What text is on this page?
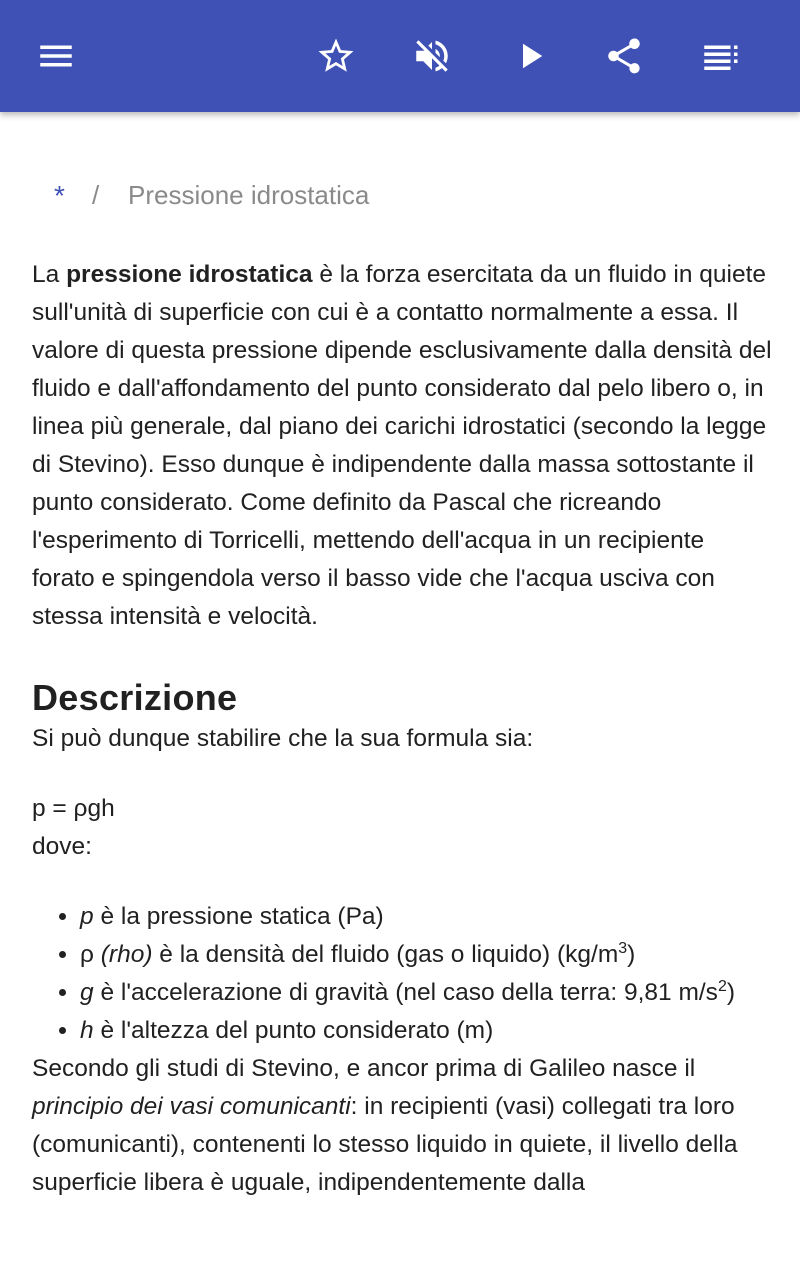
* / Pressione idrostatica

La pressione idrostatica è la forza esercitata da un fluido in quiete sull'unità di superficie con cui è a contatto normalmente a essa. Il valore di questa pressione dipende esclusivamente dalla densità del fluido e dall'affondamento del punto considerato dal pelo libero o, in linea più generale, dal piano dei carichi idrostatici (secondo la legge di Stevino). Esso dunque è indipendente dalla massa sottostante il punto considerato. Come definito da Pascal che ricreando l'esperimento di Torricelli, mettendo dell'acqua in un recipiente forato e spingendola verso il basso vide che l'acqua usciva con stessa intensità e velocità.

Descrizione

Si può dunque stabilire che la sua formula sia:

p = ρgh

dove:

• p è la pressione statica (Pa)
• ρ (rho) è la densità del fluido (gas o liquido) $(kg/m^3)$
• g è l'accelerazione di gravità (nel caso della terra: 9,81 $m/s^2$)
• h è l'altezza del punto considerato (m)

Secondo gli studi di Stevino, e ancor prima di Galileo nasce il principio dei vasi comunicanti: in recipienti (vasi) collegati tra loro (comunicanti), contenenti lo stesso liquido in quiete, il livello della superficie libera è uguale, indipendentemente dalla
